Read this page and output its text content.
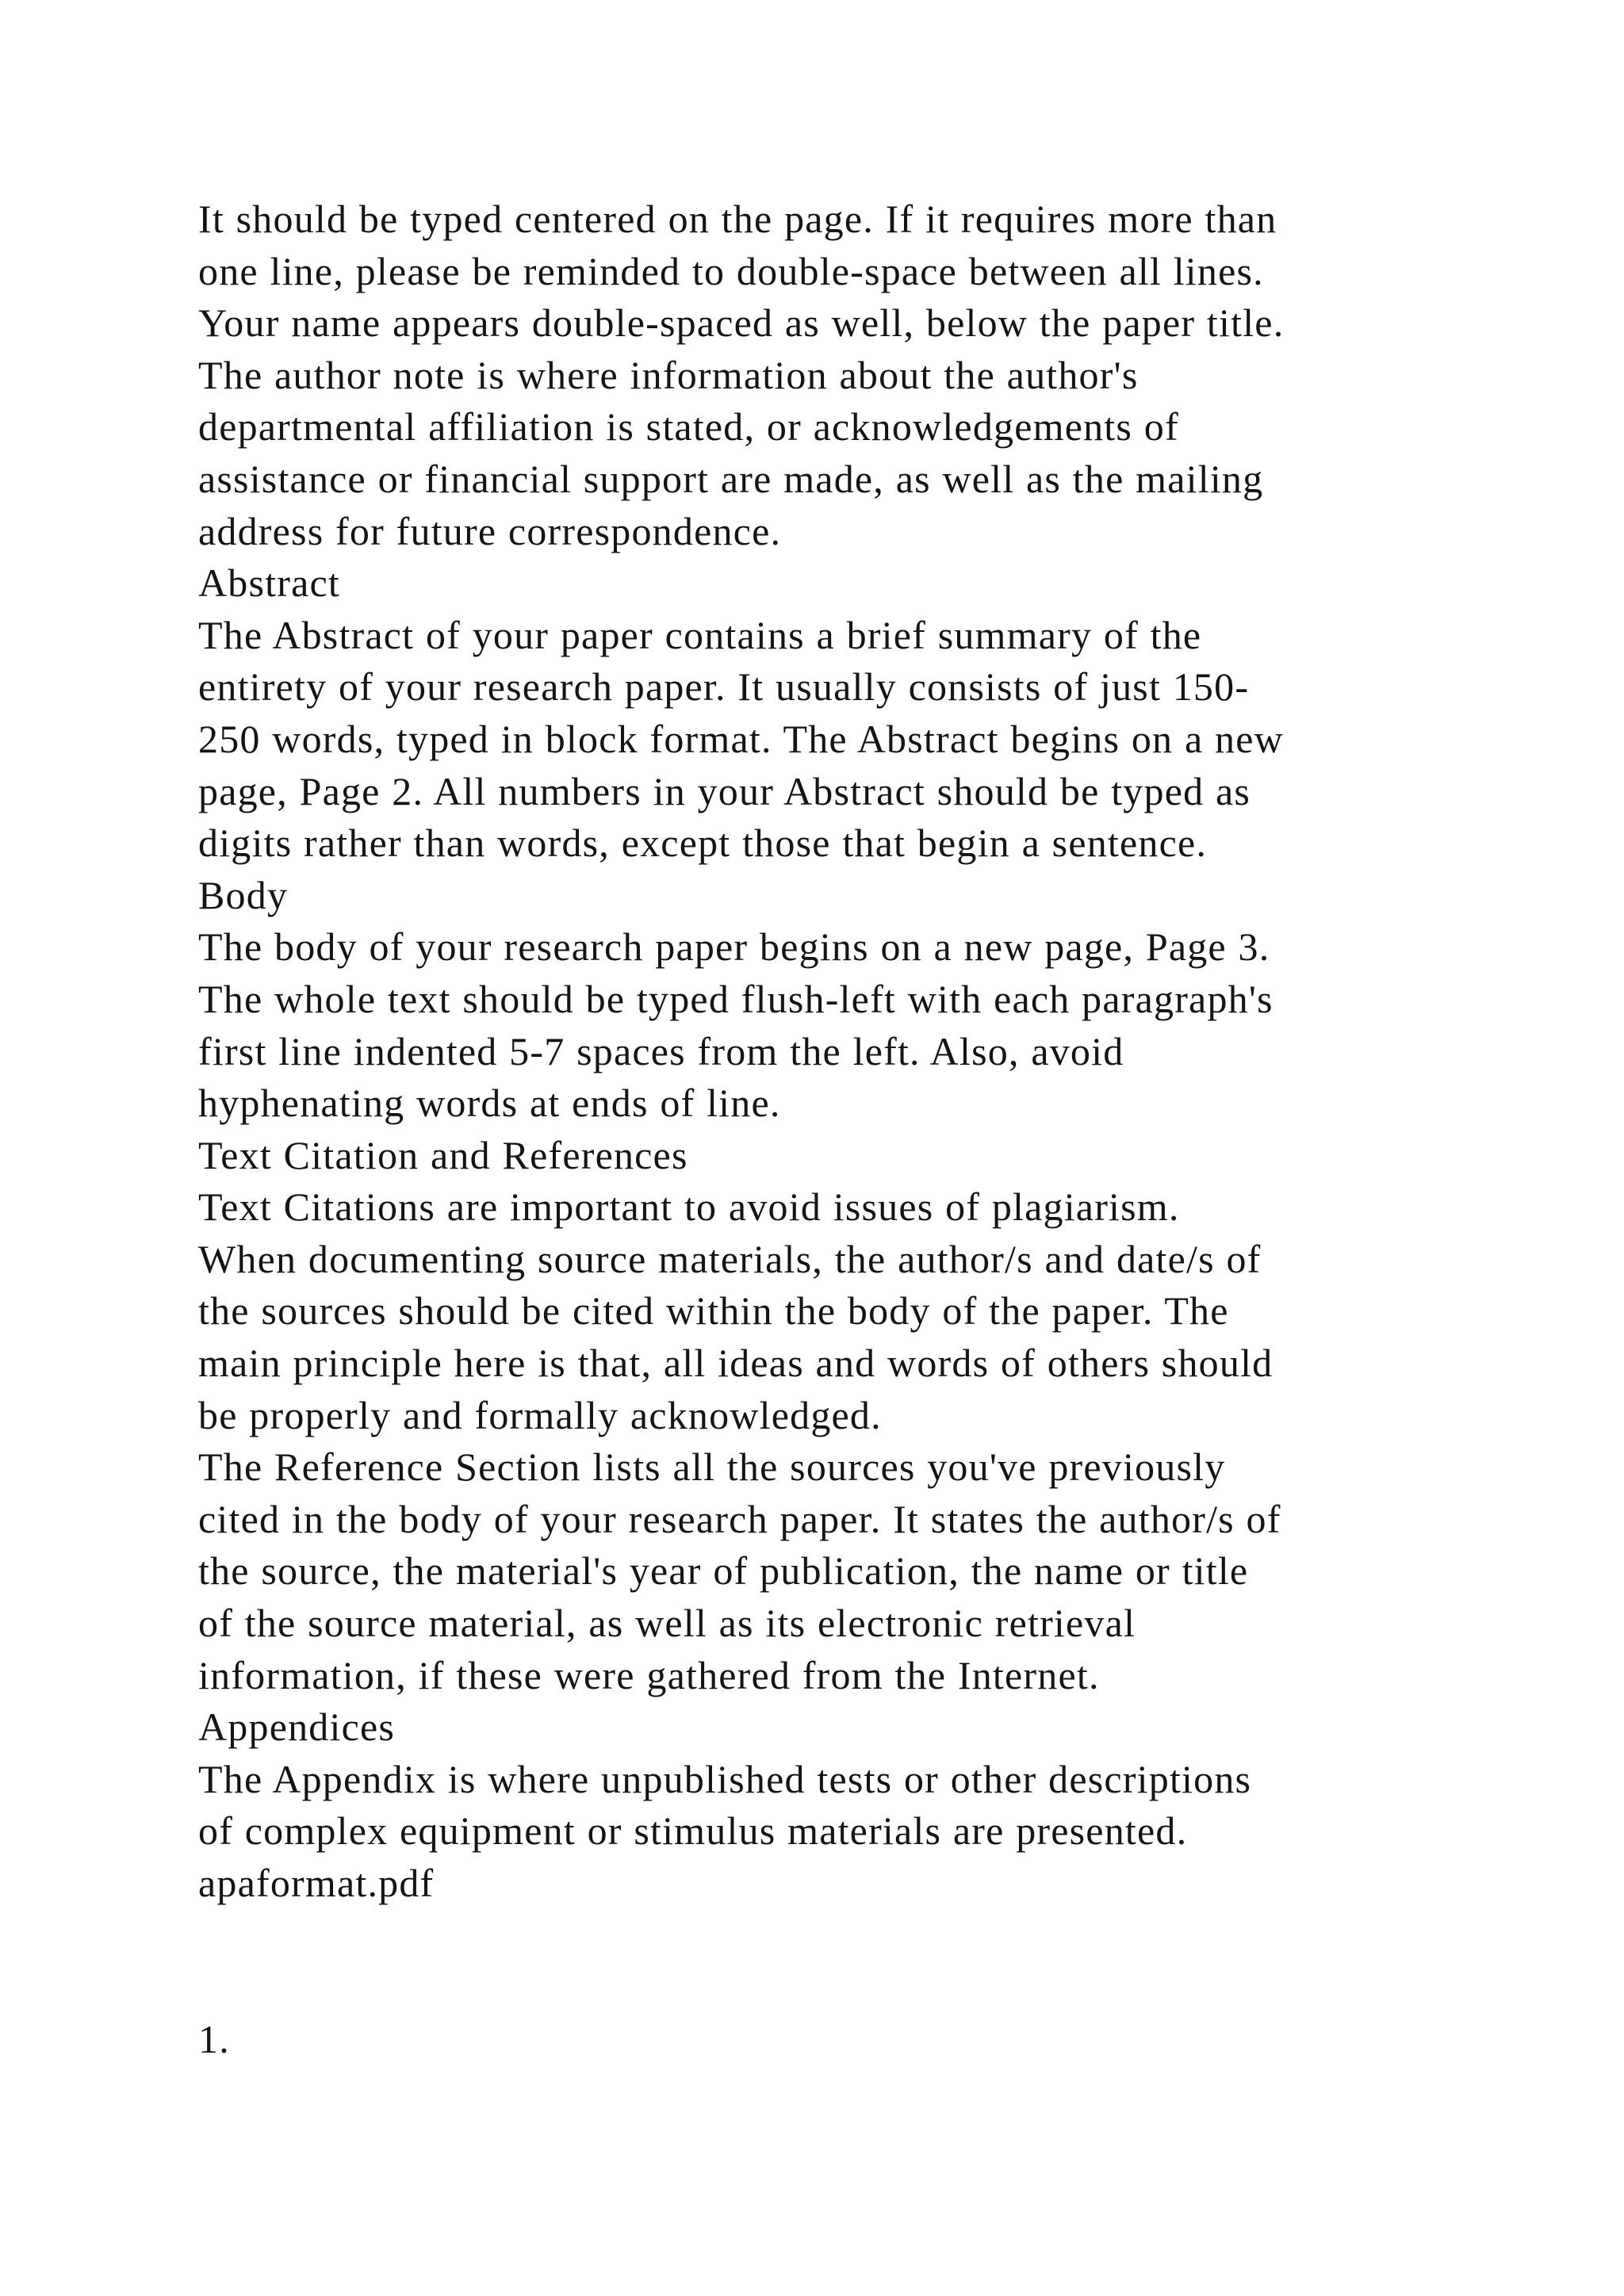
It should be typed centered on the page. If it requires more than
one line, please be reminded to double-space between all lines.
Your name appears double-spaced as well, below the paper title.
The author note is where information about the author's
departmental affiliation is stated, or acknowledgements of
assistance or financial support are made, as well as the mailing
address for future correspondence.
Abstract
The Abstract of your paper contains a brief summary of the
entirety of your research paper. It usually consists of just 150-
250 words, typed in block format. The Abstract begins on a new
page, Page 2. All numbers in your Abstract should be typed as
digits rather than words, except those that begin a sentence.
Body
The body of your research paper begins on a new page, Page 3.
The whole text should be typed flush-left with each paragraph's
first line indented 5-7 spaces from the left. Also, avoid
hyphenating words at ends of line.
Text Citation and References
Text Citations are important to avoid issues of plagiarism.
When documenting source materials, the author/s and date/s of
the sources should be cited within the body of the paper. The
main principle here is that, all ideas and words of others should
be properly and formally acknowledged.
The Reference Section lists all the sources you've previously
cited in the body of your research paper. It states the author/s of
the source, the material's year of publication, the name or title
of the source material, as well as its electronic retrieval
information, if these were gathered from the Internet.
Appendices
The Appendix is where unpublished tests or other descriptions
of complex equipment or stimulus materials are presented.
apaformat.pdf
1.
